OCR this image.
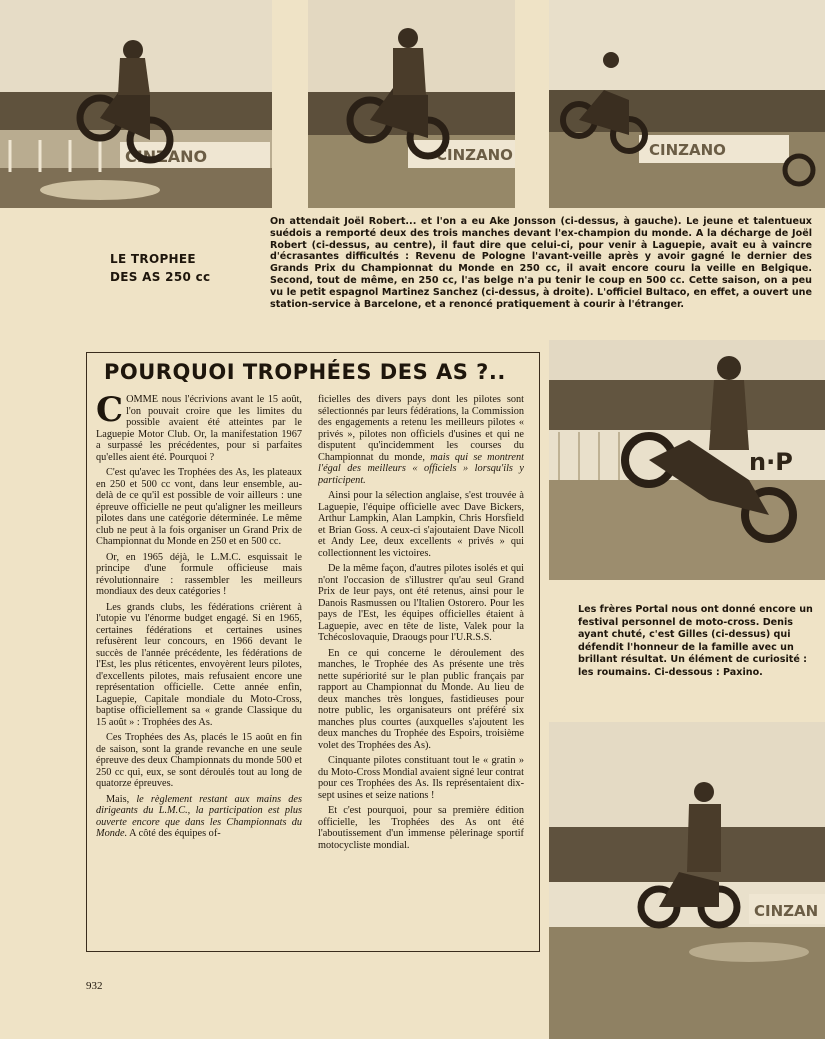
CINZANO	CINZANO	CINZANO
LE TROPHEE
DES AS 250 cc
On attendait Joël Robert... et l'on a eu Ake Jonsson (ci-dessus, à gauche). Le jeune et talentueux suédois a remporté deux des trois manches devant l'ex-champion du monde. A la décharge de Joël Robert (ci-dessus, au centre), il faut dire que celui-ci, pour venir à Laguepie, avait eu à vaincre d'écrasantes difficultés : Revenu de Pologne l'avant-veille après y avoir gagné le dernier des Grands Prix du Championnat du Monde en 250 cc, il avait encore couru la veille en Belgique. Second, tout de même, en 250 cc, l'as belge n'a pu tenir le coup en 500 cc. Cette saison, on a peu vu le petit espagnol Martinez Sanchez (ci-dessus, à droite). L'officiel Bultaco, en effet, a ouvert une station-service à Barcelone, et a renoncé pratiquement à courir à l'étranger.
POURQUOI TROPHÉES DES AS ?..

COMME nous l'écrivions avant le 15 août, l'on pouvait croire que les limites du possible avaient été atteintes par le Laguepie Motor Club. Or, la manifestation 1967 a surpassé les précédentes, pour si parfaites qu'elles aient été. Pourquoi ?

C'est qu'avec les Trophées des As, les plateaux en 250 et 500 cc vont, dans leur ensemble, au-delà de ce qu'il est possible de voir ailleurs : une épreuve officielle ne peut qu'aligner les meilleurs pilotes dans une catégorie déterminée. Le même club ne peut à la fois organiser un Grand Prix de Championnat du Monde en 250 et en 500 cc.

Or, en 1965 déjà, le L.M.C. esquissait le principe d'une formule officieuse mais révolutionnaire : rassembler les meilleurs mondiaux des deux catégories !

Les grands clubs, les fédérations crièrent à l'utopie vu l'énorme budget engagé. Si en 1965, certaines fédérations et certaines usines refusèrent leur concours, en 1966 devant le succès de l'année précédente, les fédérations de l'Est, les plus réticentes, envoyèrent leurs pilotes, d'excellents pilotes, mais refusaient encore une représentation officielle. Cette année enfin, Laguepie, Capitale mondiale du Moto-Cross, baptise officiellement sa « grande Classique du 15 août » : Trophées des As.

Ces Trophées des As, placés le 15 août en fin de saison, sont la grande revanche en une seule épreuve des deux Championnats du monde 500 et 250 cc qui, eux, se sont déroulés tout au long de quatorze épreuves.

Mais, le règlement restant aux mains des dirigeants du L.M.C., la participation est plus ouverte encore que dans les Championnats du Monde. A côté des équipes of-

ficielles des divers pays dont les pilotes sont sélectionnés par leurs fédérations, la Commission des engagements a retenu les meilleurs pilotes « privés », pilotes non officiels d'usines et qui ne disputent qu'incidemment les courses du Championnat du monde, mais qui se montrent l'égal des meilleurs « officiels » lorsqu'ils y participent.

Ainsi pour la sélection anglaise, s'est trouvée à Laguepie, l'équipe officielle avec Dave Bickers, Arthur Lampkin, Alan Lampkin, Chris Horsfield et Brian Goss. A ceux-ci s'ajoutaient Dave Nicoll et Andy Lee, deux excellents « privés » qui collectionnent les victoires.

De la même façon, d'autres pilotes isolés et qui n'ont l'occasion de s'illustrer qu'au seul Grand Prix de leur pays, ont été retenus, ainsi pour le Danois Rasmussen ou l'Italien Ostorero. Pour les pays de l'Est, les équipes officielles étaient à Laguepie, avec en tête de liste, Valek pour la Tchécoslovaquie, Draougs pour l'U.R.S.S.

En ce qui concerne le déroulement des manches, le Trophée des As présente une très nette supériorité sur le plan public français par rapport au Championnat du Monde. Au lieu de deux manches très longues, fastidieuses pour notre public, les organisateurs ont préféré six manches plus courtes (auxquelles s'ajoutent les deux manches du Trophée des Espoirs, troisième volet des Trophées des As).

Cinquante pilotes constituant tout le « gratin » du Moto-Cross Mondial avaient signé leur contrat pour ces Trophées des As. Ils représentaient dix-sept usines et seize nations !

Et c'est pourquoi, pour sa première édition officielle, les Trophées des As ont été l'aboutissement d'un immense pèlerinage sportif motocycliste mondial.

n·P
Les frères Portal nous ont donné encore un festival personnel de moto-cross. Denis ayant chuté, c'est Gilles (ci-dessus) qui défendit l'honneur de la famille avec un brillant résultat. Un élément de curiosité : les roumains. Ci-dessous : Paxino.
CINZAN
932
